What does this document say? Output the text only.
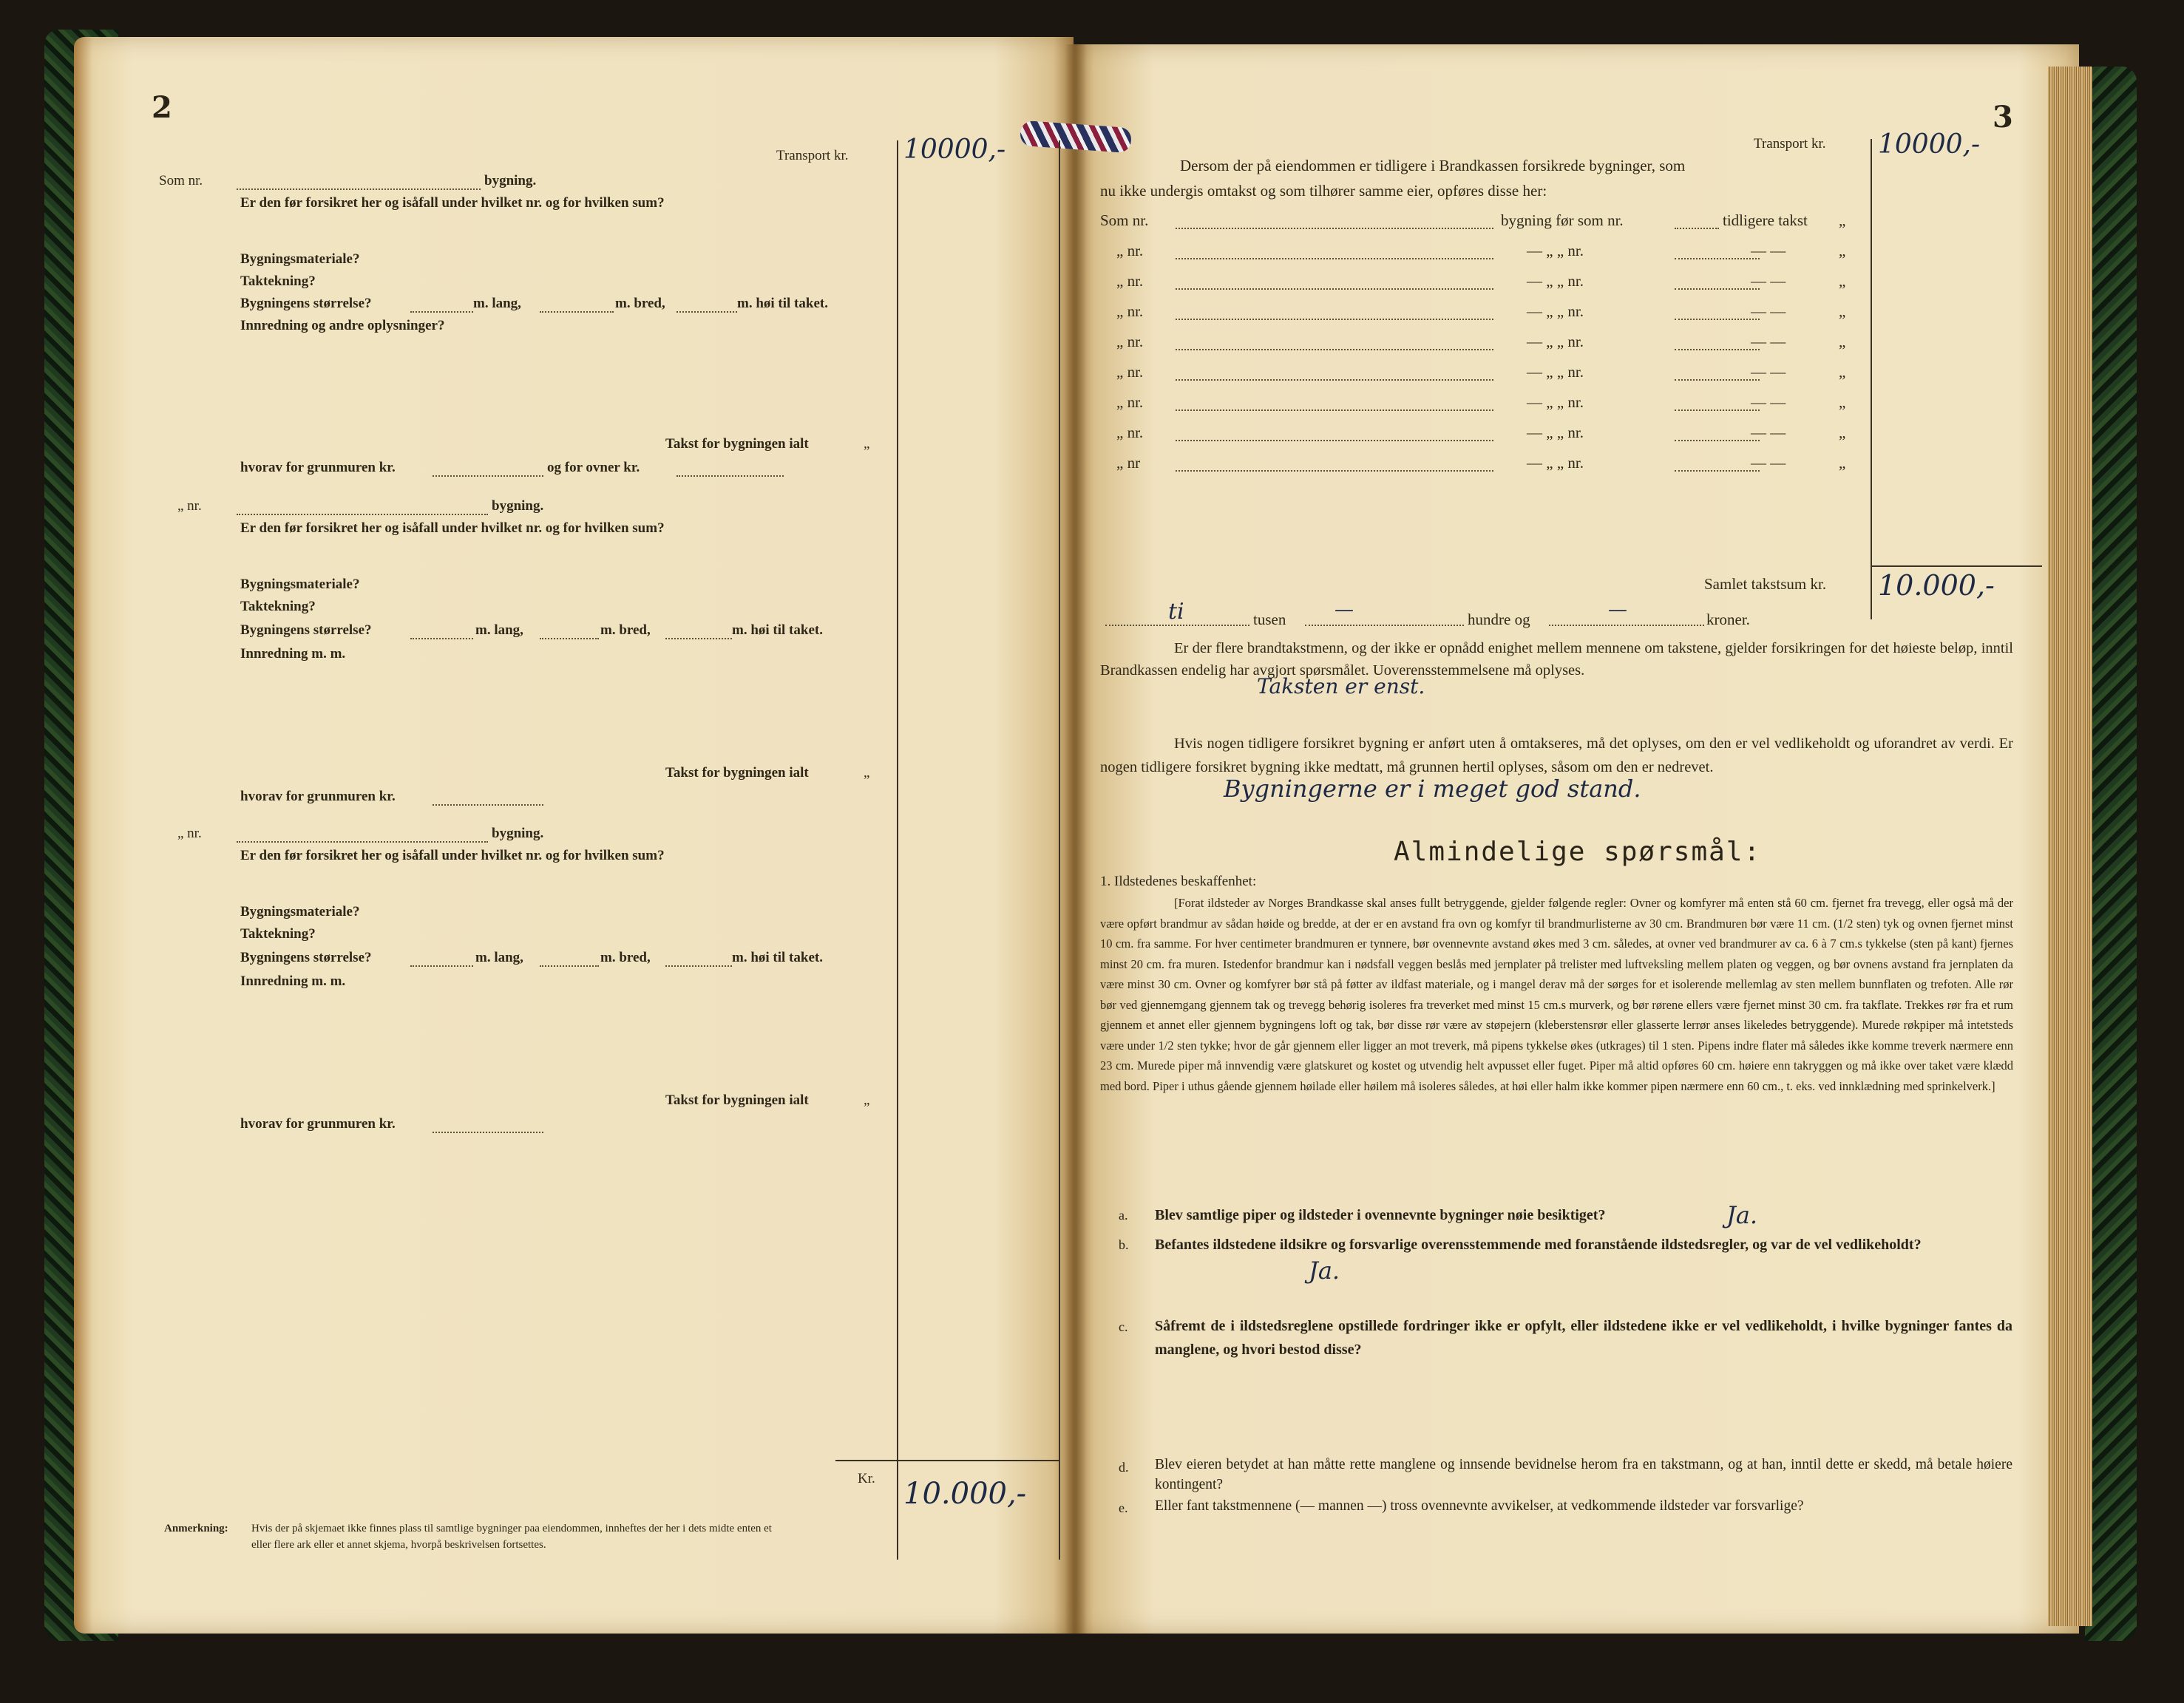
2
Transport kr. 10000,-
Som nr.	bygning.
Er den før forsikret her og isåfall under hvilket nr. og for hvilken sum?
Bygningsmateriale?
Taktekning?
Bygningens størrelse?	m. lang,	m. bred,	m. høi til taket.
Innredning og andre oplysninger?
Takst for bygningen ialt	„
hvorav for grunmuren kr.	og for ovner kr.
„ nr.	bygning.
Er den før forsikret her og isåfall under hvilket nr. og for hvilken sum?
Bygningsmateriale?
Taktekning?
Bygningens størrelse?	m. lang,	m. bred,	m. høi til taket.
Innredning m. m.
Takst for bygningen ialt	„
hvorav for grunmuren kr.
„ nr.	bygning.
Er den før forsikret her og isåfall under hvilket nr. og for hvilken sum?
Bygningsmateriale?
Taktekning?
Bygningens størrelse?	m. lang,	m. bred,	m. høi til taket.
Innredning m. m.
Takst for bygningen ialt	„
hvorav for grunmuren kr.
Kr. 10.000,-
Anmerkning: Hvis der på skjemaet ikke finnes plass til samtlige bygninger paa eiendommen, innheftes der her i dets midte enten et
eller flere ark eller et annet skjema, hvorpå beskrivelsen fortsettes.
3
Transport kr. 10000,-
Dersom der på eiendommen er tidligere i Brandkassen forsikrede bygninger, som
nu ikke undergis omtakst og som tilhører samme eier, opføres disse her:
Som nr.	bygning før som nr.	tidligere takst „
„ nr.	— „ „ nr.	— —	„
„ nr.	— „ „ nr.	— —	„
„ nr.	— „ „ nr.	— —	„
„ nr.	— „ „ nr.	— —	„
„ nr.	— „ „ nr.	— —	„
„ nr.	— „ „ nr.	— —	„
„ nr.	— „ „ nr.	— —	„
„ nr	— „ „ nr.	— —	„
Samlet takstsum kr. 10.000,-
ti	tusen	—	hundre og	—	kroner.
Er der flere brandtakstmenn, og der ikke er opnådd enighet mellem mennene om takstene, gjelder forsikringen for det høieste beløp, inntil Brandkassen endelig har avgjort spørsmålet. Uoverensstemmelsene må oplyses.
Taksten er enst.
Hvis nogen tidligere forsikret bygning er anført uten å omtakseres, må det oplyses, om den er vel vedlikeholdt og uforandret av verdi. Er nogen tidligere forsikret bygning ikke medtatt, må grunnen hertil oplyses, såsom om den er nedrevet.
Bygningerne er i meget god stand.
Almindelige spørsmål:
1. Ildstedenes beskaffenhet:
[Forat ildsteder av Norges Brandkasse skal anses fullt betryggende, gjelder følgende regler: Ovner og komfyrer må enten stå 60 cm. fjernet fra trevegg, eller også må der være opført brandmur av sådan høide og bredde, at der er en avstand fra ovn og komfyr til brandmurlisterne av 30 cm. Brandmuren bør være 11 cm. (1/2 sten) tyk og ovnen fjernet minst 10 cm. fra samme. For hver centimeter brandmuren er tynnere, bør ovennevnte avstand økes med 3 cm. således, at ovner ved brandmurer av ca. 6 à 7 cm.s tykkelse (sten på kant) fjernes minst 20 cm. fra muren. Istedenfor brandmur kan i nødsfall veggen beslås med jernplater på trelister med luftveksling mellem platen og veggen, og bør ovnens avstand fra jernplaten da være minst 30 cm. Ovner og komfyrer bør stå på føtter av ildfast materiale, og i mangel derav må der sørges for et isolerende mellemlag av sten mellem bunnflaten og trefoten. Alle rør bør ved gjennemgang gjennem tak og trevegg behørig isoleres fra treverket med minst 15 cm.s murverk, og bør rørene ellers være fjernet minst 30 cm. fra takflate. Trekkes rør fra et rum gjennem et annet eller gjennem bygningens loft og tak, bør disse rør være av støpejern (kleberstensrør eller glasserte lerrør anses likeledes betryggende). Murede røkpiper må intetsteds være under 1/2 sten tykke; hvor de går gjennem eller ligger an mot treverk, må pipens tykkelse økes (utkrages) til 1 sten. Pipens indre flater må således ikke komme treverk nærmere enn 23 cm. Murede piper må innvendig være glatskuret og kostet og utvendig helt avpusset eller fuget. Piper må altid opføres 60 cm. høiere enn takryggen og må ikke over taket være klædd med bord. Piper i uthus gående gjennem høilade eller høilem må isoleres således, at høi eller halm ikke kommer pipen nærmere enn 60 cm., t. eks. ved innklædning med sprinkelverk.]
a. Blev samtlige piper og ildsteder i ovennevnte bygninger nøie besiktiget?	Ja.
b. Befantes ildstedene ildsikre og forsvarlige overensstemmende med foranstående ildstedsregler, og var de vel vedlikeholdt?
Ja.
c. Såfremt de i ildstedsreglene opstillede fordringer ikke er opfylt, eller ildstedene ikke er vel vedlikeholdt, i hvilke bygninger fantes da manglene, og hvori bestod disse?
d. Blev eieren betydet at han måtte rette manglene og innsende bevidnelse herom fra en takstmann, og at han, inntil dette er skedd, må betale høiere kontingent?
e. Eller fant takstmennene (— mannen —) tross ovennevnte avvikelser, at vedkommende ildsteder var forsvarlige?
